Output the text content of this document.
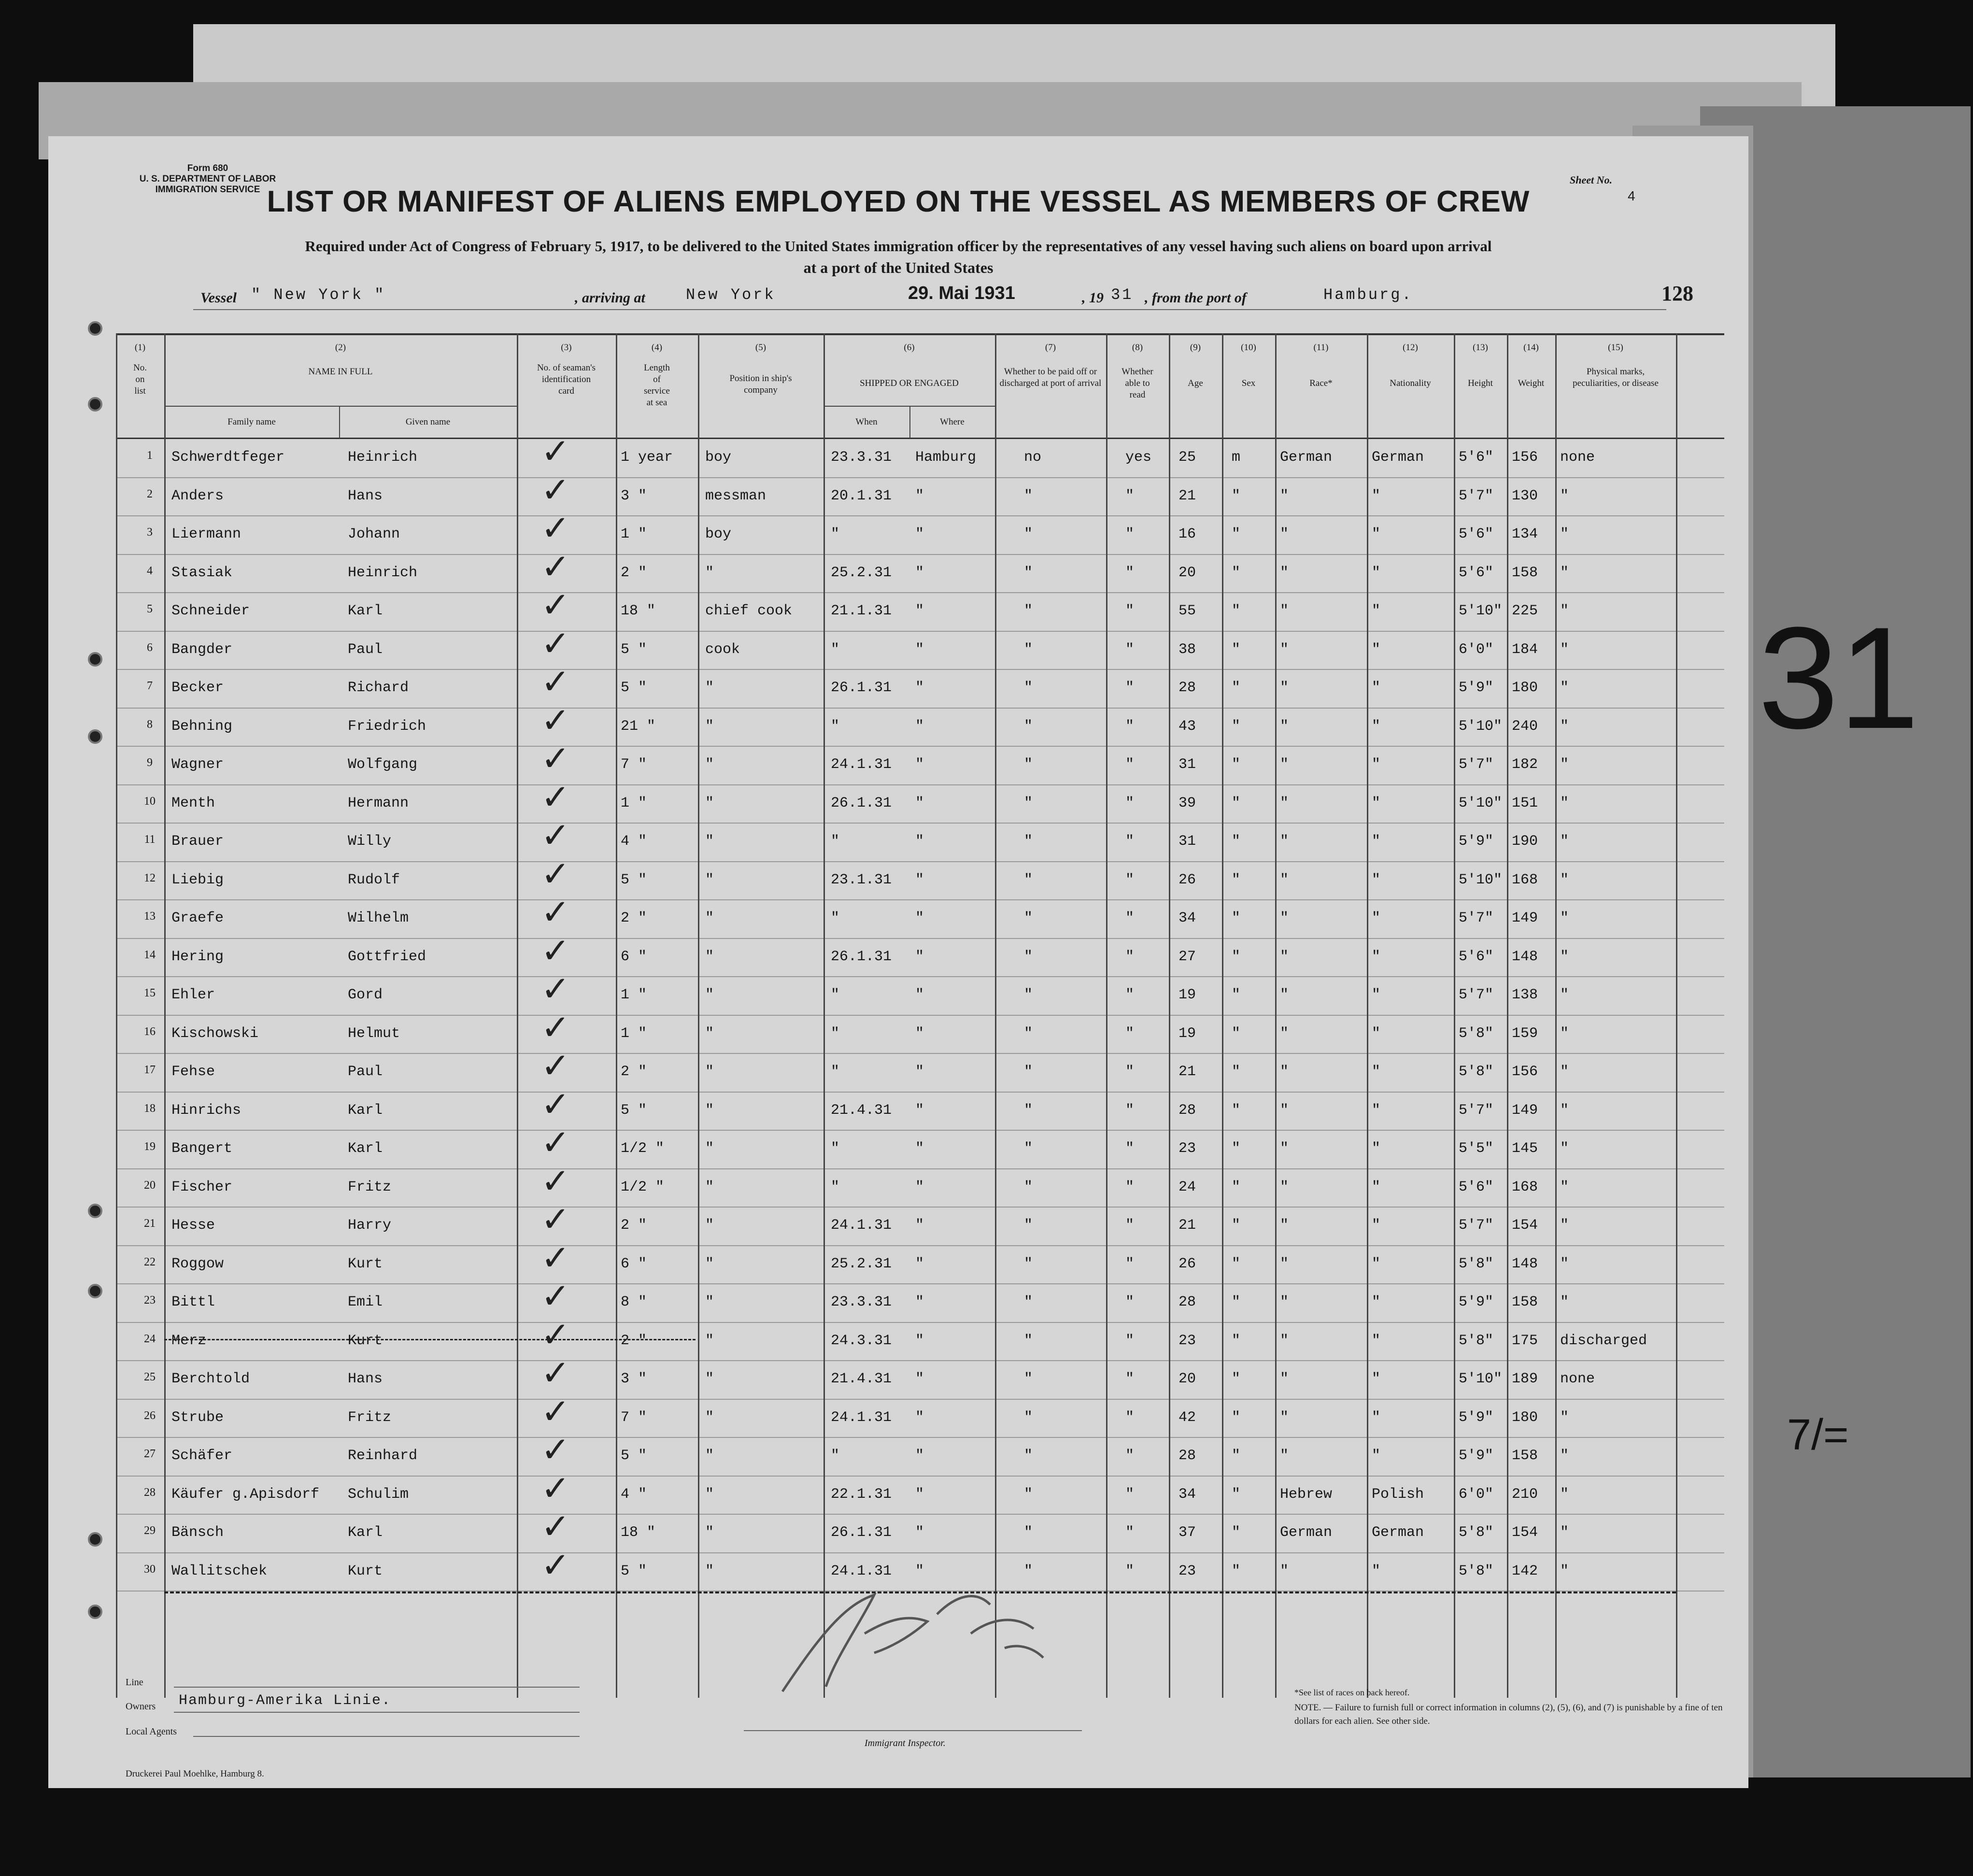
31
7/=
Form 680
U. S. DEPARTMENT OF LABOR
IMMIGRATION SERVICE
Sheet No.
4
LIST OR MANIFEST OF ALIENS EMPLOYED ON THE VESSEL AS MEMBERS OF CREW
Required under Act of Congress of February 5, 1917, to be delivered to the United States immigration officer by the representatives of any vessel having such aliens on board upon arrival
at a port of the United States
Vessel " New York "	, arriving at	New York	29. Mai 1931	, 19 31 , from the port of	Hamburg.	128
(1)
No. on list
(2)
NAME IN FULL
Family name	Given name
(3)
No. of seaman's identification card
(4)
Length of service at sea
(5)
Position in ship's company
(6)
SHIPPED OR ENGAGED
When	Where
(7)
Whether to be paid off or discharged at port of arrival
(8)
Whether able to read
(9)
Age
(10)
Sex
(11)
Race*
(12)
Nationality
(13)
Height
(14)
Weight
(15)
Physical marks, peculiarities, or disease
1	Schwerdtfeger	Heinrich	1 year	boy	23.3.31	Hamburg	no	yes	25	m	German	German	5'6"	156	none
✓
2	Anders	Hans	3 "	messman	20.1.31	"	"	"	21	"	"	"	5'7"	130	"
✓
3	Liermann	Johann	1 "	boy	"	"	"	"	16	"	"	"	5'6"	134	"
✓
4	Stasiak	Heinrich	2 "	"	25.2.31	"	"	"	20	"	"	"	5'6"	158	"
✓
5	Schneider	Karl	18 "	chief cook	21.1.31	"	"	"	55	"	"	"	5'10" 225	"
✓
6	Bangder	Paul	5 "	cook	"	"	"	"	38	"	"	"	6'0"	184	"
✓
7	Becker	Richard	5 "	"	26.1.31	"	"	"	28	"	"	"	5'9"	180	"
✓
8	Behning	Friedrich	21 "	"	"	"	"	"	43	"	"	"	5'10" 240	"
✓
9	Wagner	Wolfgang	7 "	"	24.1.31	"	"	"	31	"	"	"	5'7"	182	"
✓
10	Menth	Hermann	1 "	"	26.1.31	"	"	"	39	"	"	"	5'10" 151	"
✓
11	Brauer	Willy	4 "	"	"	"	"	"	31	"	"	"	5'9"	190	"
✓
12	Liebig	Rudolf	5 "	"	23.1.31	"	"	"	26	"	"	"	5'10" 168	"
✓
13	Graefe	Wilhelm	2 "	"	"	"	"	"	34	"	"	"	5'7"	149	"
✓
14	Hering	Gottfried	6 "	"	26.1.31	"	"	"	27	"	"	"	5'6"	148	"
✓
15	Ehler	Gord	1 "	"	"	"	"	"	19	"	"	"	5'7"	138	"
✓
16	Kischowski	Helmut	1 "	"	"	"	"	"	19	"	"	"	5'8"	159	"
✓
17	Fehse	Paul	2 "	"	"	"	"	"	21	"	"	"	5'8"	156	"
✓
18	Hinrichs	Karl	5 "	"	21.4.31	"	"	"	28	"	"	"	5'7"	149	"
✓
19	Bangert	Karl	1/2 "	"	"	"	"	"	23	"	"	"	5'5"	145	"
✓
20	Fischer	Fritz	1/2 "	"	"	"	"	"	24	"	"	"	5'6"	168	"
✓
21	Hesse	Harry	2 "	"	24.1.31	"	"	"	21	"	"	"	5'7"	154	"
✓
22	Roggow	Kurt	6 "	"	25.2.31	"	"	"	26	"	"	"	5'8"	148	"
✓
23	Bittl	Emil	8 "	"	23.3.31	"	"	"	28	"	"	"	5'9"	158	"
✓
24	Merz	Kurt	2 "	"	24.3.31	"	"	"	23	"	"	"	5'8"	175	discharged
✓
25	Berchtold	Hans	3 "	"	21.4.31	"	"	"	20	"	"	"	5'10" 189	none
✓
26	Strube	Fritz	7 "	"	24.1.31	"	"	"	42	"	"	"	5'9"	180	"
✓
27	Schäfer	Reinhard	5 "	"	"	"	"	"	28	"	"	"	5'9"	158	"
✓
28	Käufer g.Apisdorf	Schulim	4 "	"	22.1.31	"	"	"	34	"	Hebrew	Polish	6'0"	210	"
✓
29	Bänsch	Karl	18 "	"	26.1.31	"	"	"	37	"	German	German	5'8"	154	"
✓
30	Wallitschek	Kurt	5 "	"	24.1.31	"	"	"	23	"	"	"	5'8"	142	"
✓
Line
Owners Hamburg-Amerika Linie.
Local Agents
Immigrant Inspector.
*See list of races on back hereof.
NOTE. — Failure to furnish full or correct information in columns (2), (5), (6), and (7) is punishable by a fine of ten dollars for each alien. See other side.
Druckerei Paul Moehlke, Hamburg 8.
